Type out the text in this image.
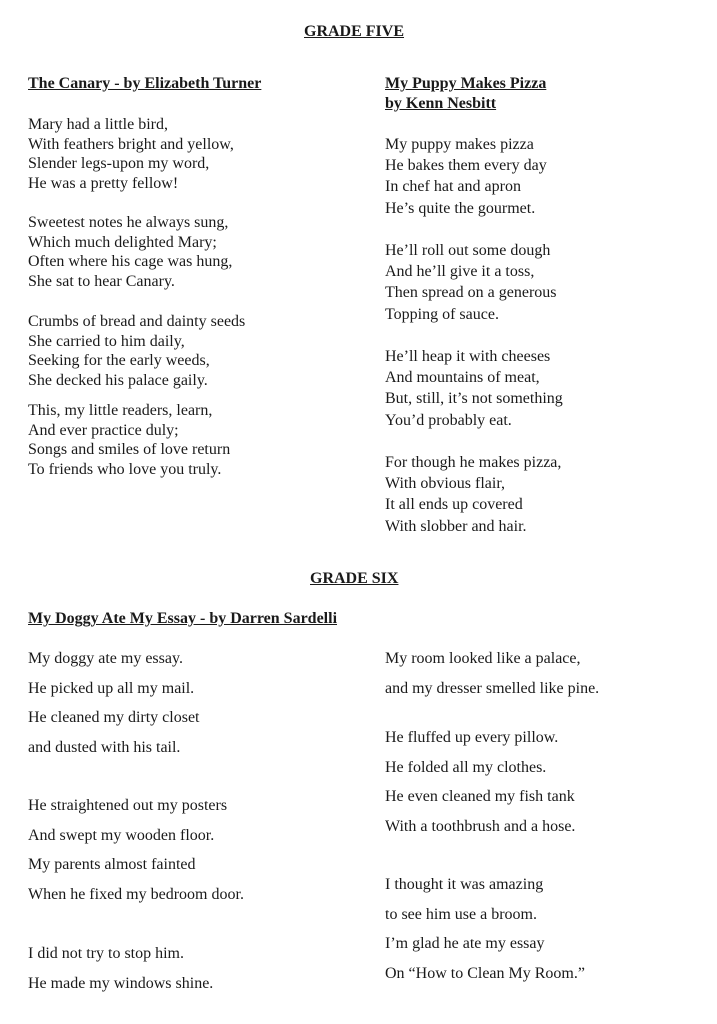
GRADE FIVE
GRADE SIX
The Canary - by Elizabeth Turner
Mary had a little bird,
With feathers bright and yellow,
Slender legs-upon my word,
He was a pretty fellow!
Sweetest notes he always sung,
Which much delighted Mary;
Often where his cage was hung,
She sat to hear Canary.
Crumbs of bread and dainty seeds
She carried to him daily,
Seeking for the early weeds,
She decked his palace gaily.
This, my little readers, learn,
And ever practice duly;
Songs and smiles of love return
To friends who love you truly.
My Puppy Makes Pizza
by Kenn Nesbitt
My puppy makes pizza
He bakes them every day
In chef hat and apron
He’s quite the gourmet.
He’ll roll out some dough
And he’ll give it a toss,
Then spread on a generous
Topping of sauce.
He’ll heap it with cheeses
And mountains of meat,
But, still, it’s not something
You’d probably eat.
For though he makes pizza,
With obvious flair,
It all ends up covered
With slobber and hair.
My Doggy Ate My Essay - by Darren Sardelli
My doggy ate my essay.
He picked up all my mail.
He cleaned my dirty closet
and dusted with his tail.
He straightened out my posters
And swept my wooden floor.
My parents almost fainted
When he fixed my bedroom door.
I did not try to stop him.
He made my windows shine.
My room looked like a palace,
and my dresser smelled like pine.
He fluffed up every pillow.
He folded all my clothes.
He even cleaned my fish tank
With a toothbrush and a hose.
I thought it was amazing
to see him use a broom.
I’m glad he ate my essay
On “How to Clean My Room.”
